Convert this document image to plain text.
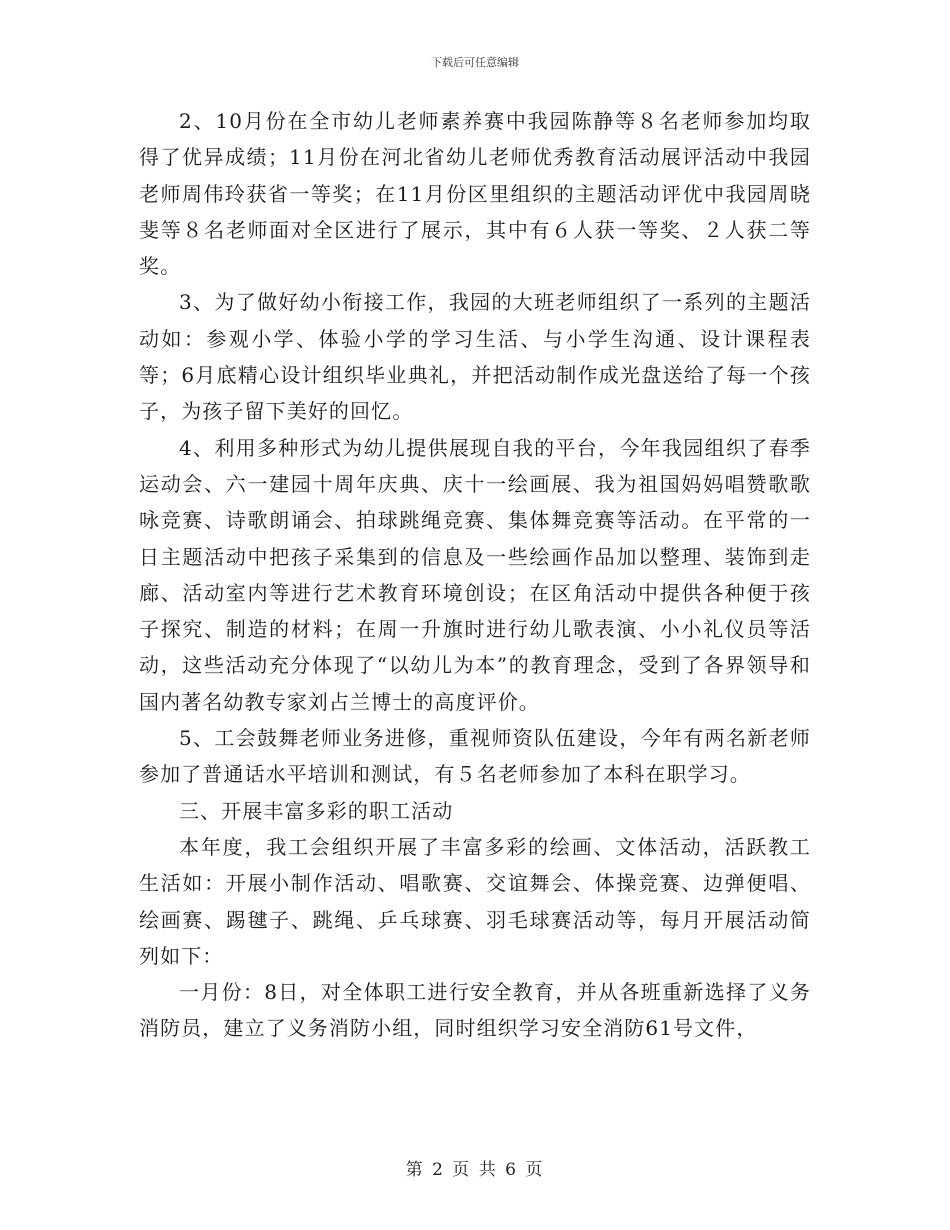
下载后可任意编辑

2、10月份在全市幼儿老师素养赛中我园陈静等８名老师参加均取得了优异成绩；11月份在河北省幼儿老师优秀教育活动展评活动中我园老师周伟玲获省一等奖；在11月份区里组织的主题活动评优中我园周晓斐等８名老师面对全区进行了展示，其中有６人获一等奖、２人获二等奖。

3、为了做好幼小衔接工作，我园的大班老师组织了一系列的主题活动如：参观小学、体验小学的学习生活、与小学生沟通、设计课程表等；6月底精心设计组织毕业典礼，并把活动制作成光盘送给了每一个孩子，为孩子留下美好的回忆。

4、利用多种形式为幼儿提供展现自我的平台，今年我园组织了春季运动会、六一建园十周年庆典、庆十一绘画展、我为祖国妈妈唱赞歌歌咏竞赛、诗歌朗诵会、拍球跳绳竞赛、集体舞竞赛等活动。在平常的一日主题活动中把孩子采集到的信息及一些绘画作品加以整理、装饰到走廊、活动室内等进行艺术教育环境创设；在区角活动中提供各种便于孩子探究、制造的材料；在周一升旗时进行幼儿歌表演、小小礼仪员等活动，这些活动充分体现了“以幼儿为本”的教育理念，受到了各界领导和国内著名幼教专家刘占兰博士的高度评价。

5、工会鼓舞老师业务进修，重视师资队伍建设，今年有两名新老师参加了普通话水平培训和测试，有５名老师参加了本科在职学习。

三、开展丰富多彩的职工活动

本年度，我工会组织开展了丰富多彩的绘画、文体活动，活跃教工生活如：开展小制作活动、唱歌赛、交谊舞会、体操竞赛、边弹便唱、绘画赛、踢毽子、跳绳、乒乓球赛、羽毛球赛活动等，每月开展活动简列如下：

一月份：8日，对全体职工进行安全教育，并从各班重新选择了义务消防员，建立了义务消防小组，同时组织学习安全消防61号文件，

第 2 页 共 6 页
